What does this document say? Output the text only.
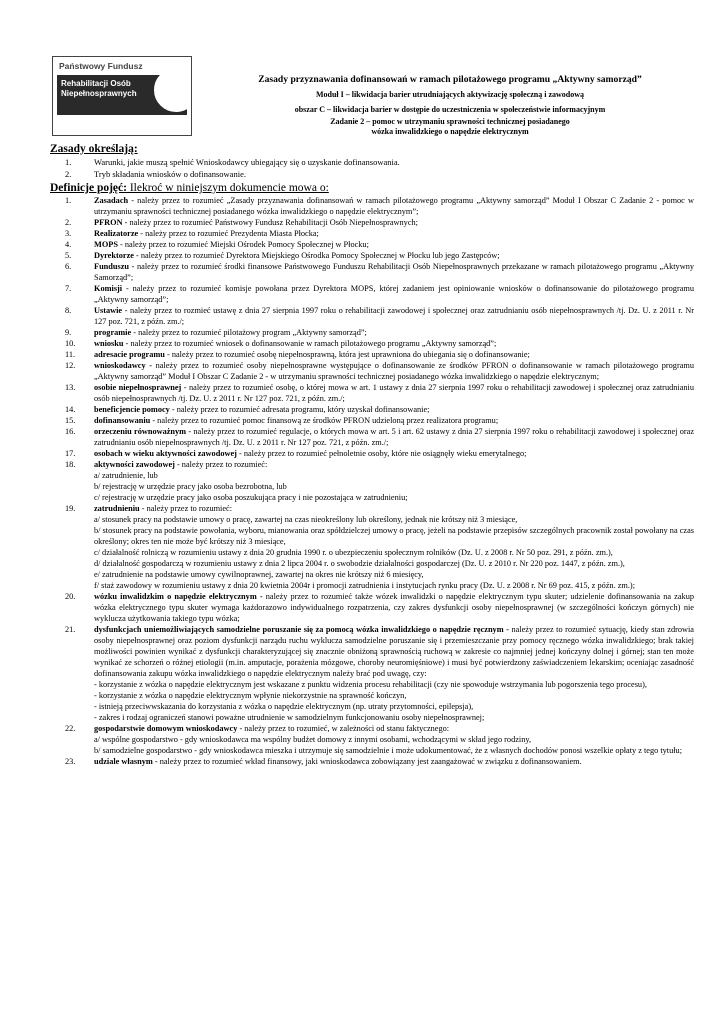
Rehabilitacji Osób
Niepełnosprawnych
Państwowy Fundusz
Zasady przyznawania dofinansowań w ramach pilotażowego programu „Aktywny samorząd”
Moduł I – likwidacja barier utrudniających aktywizację społeczną i zawodową
obszar C – likwidacja barier w dostępie do uczestniczenia w społeczeństwie informacyjnym
Zadanie 2 – pomoc w utrzymaniu sprawności technicznej posiadanego
wózka inwalidzkiego o napędzie elektrycznym
Zasady określają:
1.	Warunki, jakie muszą spełnić Wnioskodawcy ubiegający się o uzyskanie dofinansowania.
2.	Tryb składania wniosków o dofinansowanie.
Definicje pojęć: Ilekroć w niniejszym dokumencie mowa o:
1.	Zasadach - należy przez to rozumieć „Zasady przyznawania dofinansowań w ramach pilotażowego programu „Aktywny samorząd” Moduł I Obszar C Zadanie 2 - pomoc w utrzymaniu sprawności technicznej posiadanego wózka inwalidzkiego o napędzie elektrycznym”;
2.	PFRON - należy przez to rozumieć Państwowy Fundusz Rehabilitacji Osób Niepełnosprawnych;
3.	Realizatorze - należy przez to rozumieć Prezydenta Miasta Płocka;
4.	MOPS - należy przez to rozumieć Miejski Ośrodek Pomocy Społecznej w Płocku;
5.	Dyrektorze - należy przez to rozumieć Dyrektora Miejskiego Ośrodka Pomocy Społecznej w Płocku lub jego Zastępców;
6.	Funduszu - należy przez to rozumieć środki finansowe Państwowego Funduszu Rehabilitacji Osób Niepełnosprawnych przekazane w ramach pilotażowego programu „Aktywny Samorząd”;
7.	Komisji - należy przez to rozumieć komisje powołana przez Dyrektora MOPS, której zadaniem jest opiniowanie wniosków o dofinansowanie do pilotażowego programu „Aktywny samorząd”;
8.	Ustawie - należy przez to rozmieć ustawę z dnia 27 sierpnia 1997 roku o rehabilitacji zawodowej i społecznej oraz zatrudnianiu osób niepełnosprawnych /tj. Dz. U. z 2011 r. Nr 127 poz. 721, z późn. zm./;
9.	programie - należy przez to rozumieć pilotażowy program „Aktywny samorząd”;
10.	wniosku - należy przez to rozumieć wniosek o dofinansowanie w ramach pilotażowego programu „Aktywny samorząd”;
11.	adresacie programu - należy przez to rozumieć osobę niepełnosprawną, która jest uprawniona do ubiegania się o dofinansowanie;
12.	wnioskodawcy - należy przez to rozumieć osoby niepełnosprawne występujące o dofinansowanie ze środków PFRON o dofinansowanie w ramach pilotażowego programu „Aktywny samorząd” Moduł I Obszar C Zadanie 2 - w utrzymaniu sprawności technicznej posiadanego wózka inwalidzkiego o napędzie elektrycznym;
13.	osobie niepełnosprawnej - należy przez to rozumieć osobę, o której mowa w art. 1 ustawy z dnia 27 sierpnia 1997 roku o rehabilitacji zawodowej i społecznej oraz zatrudnianiu osób niepełnosprawnych /tj. Dz. U. z 2011 r. Nr 127 poz. 721, z późn. zm./;
14.	beneficjencie pomocy - należy przez to rozumieć adresata programu, który uzyskał dofinansowanie;
15.	dofinansowaniu - należy przez to rozumieć pomoc finansową ze środków PFRON udzieloną przez realizatora programu;
16.	orzeczeniu równoważnym - należy przez to rozumieć regulacje, o których mowa w art. 5 i art. 62 ustawy z dnia 27 sierpnia 1997 roku o rehabilitacji zawodowej i społecznej oraz zatrudnianiu osób niepełnosprawnych /tj. Dz. U. z 2011 r. Nr 127 poz. 721, z późn. zm./;
17.	osobach w wieku aktywności zawodowej - należy przez to rozumieć pełnoletnie osoby, które nie osiągnęły wieku emerytalnego;
18.	aktywności zawodowej - należy przez to rozumieć:
a/ zatrudnienie, lub
b/ rejestrację w urzędzie pracy jako osoba bezrobotna, lub
c/ rejestrację w urzędzie pracy jako osoba poszukująca pracy i nie pozostająca w zatrudnieniu;
19.	zatrudnieniu - należy przez to rozumieć:
a/ stosunek pracy na podstawie umowy o pracę, zawartej na czas nieokreślony lub określony, jednak nie krótszy niż 3 miesiące,
b/ stosunek pracy na podstawie powołania, wyboru, mianowania oraz spółdzielczej umowy o pracę, jeżeli na podstawie przepisów szczególnych pracownik został powołany na czas określony; okres ten nie może być krótszy niż 3 miesiące,
c/ działalność rolniczą w rozumieniu ustawy z dnia 20 grudnia 1990 r. o ubezpieczeniu społecznym rolników (Dz. U. z 2008 r. Nr 50 poz. 291, z późn. zm.),
d/ działalność gospodarczą w rozumieniu ustawy z dnia 2 lipca 2004 r. o swobodzie działalności gospodarczej (Dz. U. z 2010 r. Nr 220 poz. 1447, z późn. zm.),
e/ zatrudnienie na podstawie umowy cywilnoprawnej, zawartej na okres nie krótszy niż 6 miesięcy,
f/ staż zawodowy w rozumieniu ustawy z dnia 20 kwietnia 2004r i promocji zatrudnienia i instytucjach rynku pracy (Dz. U. z 2008 r. Nr 69 poz. 415, z późn. zm.);
20.	wózku inwalidzkim o napędzie elektrycznym - należy przez to rozumieć także wózek inwalidzki o napędzie elektrycznym typu skuter; udzielenie dofinansowania na zakup wózka elektrycznego typu skuter wymaga każdorazowo indywidualnego rozpatrzenia, czy zakres dysfunkcji osoby niepełnosprawnej (w szczególności kończyn górnych) nie wyklucza użytkowania takiego typu wózka;
21.	dysfunkcjach uniemożliwiających samodzielne poruszanie się za pomocą wózka inwalidzkiego o napędzie ręcznym - należy przez to rozumieć sytuację, kiedy stan zdrowia osoby niepełnosprawnej oraz poziom dysfunkcji narządu ruchu wyklucza samodzielne poruszanie się i przemieszczanie przy pomocy ręcznego wózka inwalidzkiego; brak takiej możliwości powinien wynikać z dysfunkcji charakteryzującej się znacznie obniżoną sprawnością ruchową w zakresie co najmniej jednej kończyny dolnej i górnej; stan ten może wynikać ze schorzeń o różnej etiologii (m.in. amputacje, porażenia mózgowe, choroby neuromięśniowe) i musi być potwierdzony zaświadczeniem lekarskim; oceniając zasadność dofinansowania zakupu wózka inwalidzkiego o napędzie elektrycznym należy brać pod uwagę, czy:
- korzystanie z wózka o napędzie elektrycznym jest wskazane z punktu widzenia procesu rehabilitacji (czy nie spowoduje wstrzymania lub pogorszenia tego procesu),
- korzystanie z wózka o napędzie elektrycznym wpłynie niekorzystnie na sprawność kończyn,
- istnieją przeciwwskazania do korzystania z wózka o napędzie elektrycznym (np. utraty przytomności, epilepsja),
- zakres i rodzaj ograniczeń stanowi poważne utrudnienie w samodzielnym funkcjonowaniu osoby niepełnosprawnej;
22.	gospodarstwie domowym wnioskodawcy - należy przez to rozumieć, w zależności od stanu faktycznego:
a/ wspólne gospodarstwo - gdy wnioskodawca ma wspólny budżet domowy z innymi osobami, wchodzącymi w skład jego rodziny,
b/ samodzielne gospodarstwo - gdy wnioskodawca mieszka i utrzymuje się samodzielnie i może udokumentować, że z własnych dochodów ponosi wszelkie opłaty z tego tytułu;
23.	udziale własnym - należy przez to rozumieć wkład finansowy, jaki wnioskodawca zobowiązany jest zaangażować w związku z dofinansowaniem.
